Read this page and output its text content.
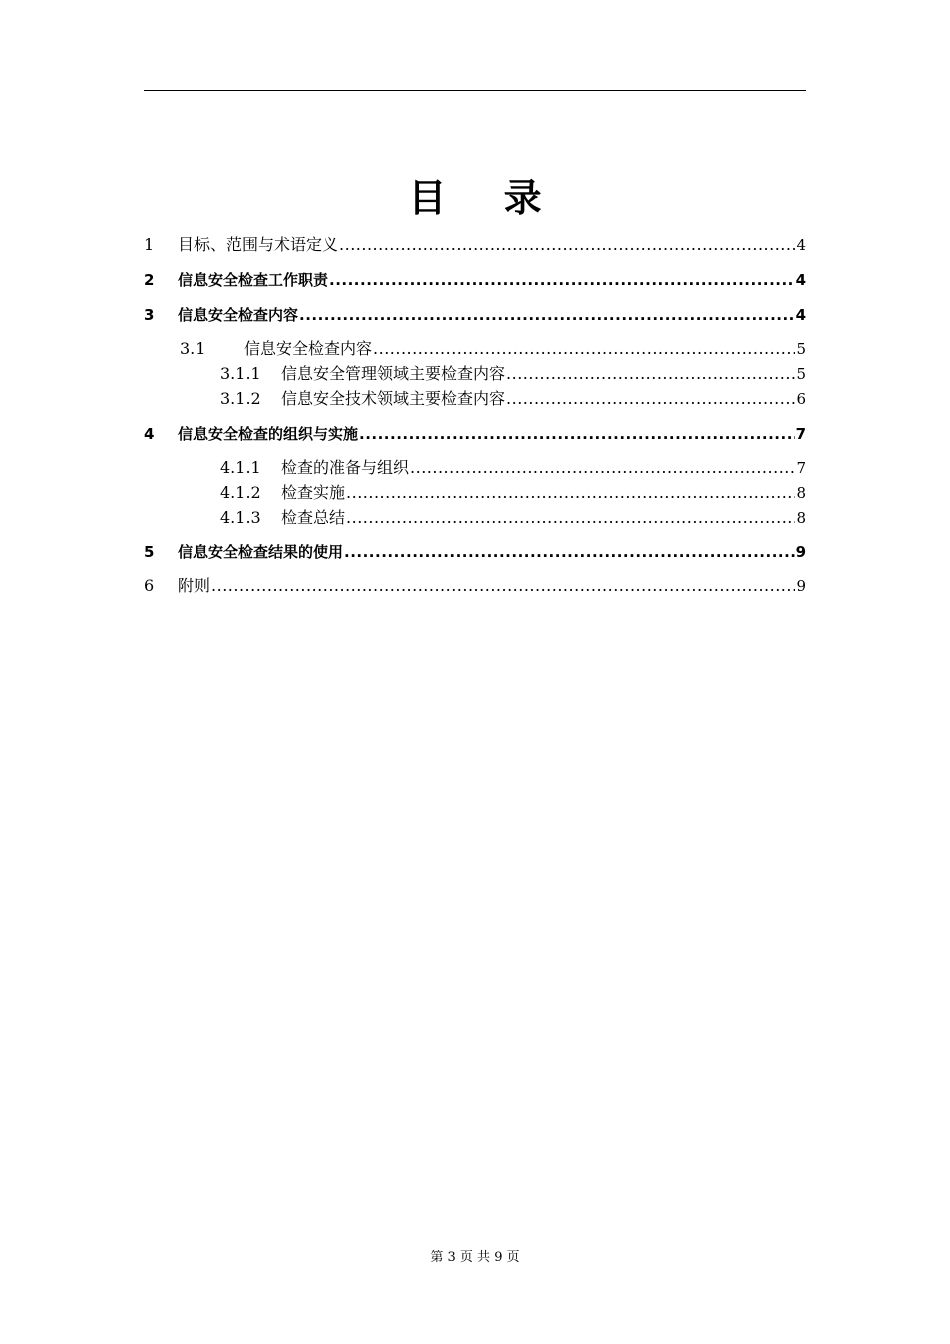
目 录
1	目标、范围与术语定义 .....	4
2	信息安全检查工作职责 .....	4
3	信息安全检查内容 .....	4
3.1	信息安全检查内容 .....	5
3.1.1	信息安全管理领域主要检查内容 .....	5
3.1.2	信息安全技术领域主要检查内容 .....	6
4	信息安全检查的组织与实施 .....	7
4.1.1	检查的准备与组织 .....	7
4.1.2	检查实施 .....	8
4.1.3	检查总结 .....	8
5	信息安全检查结果的使用 .....	9
6	附则 .....	9
第 3 页 共 9 页
